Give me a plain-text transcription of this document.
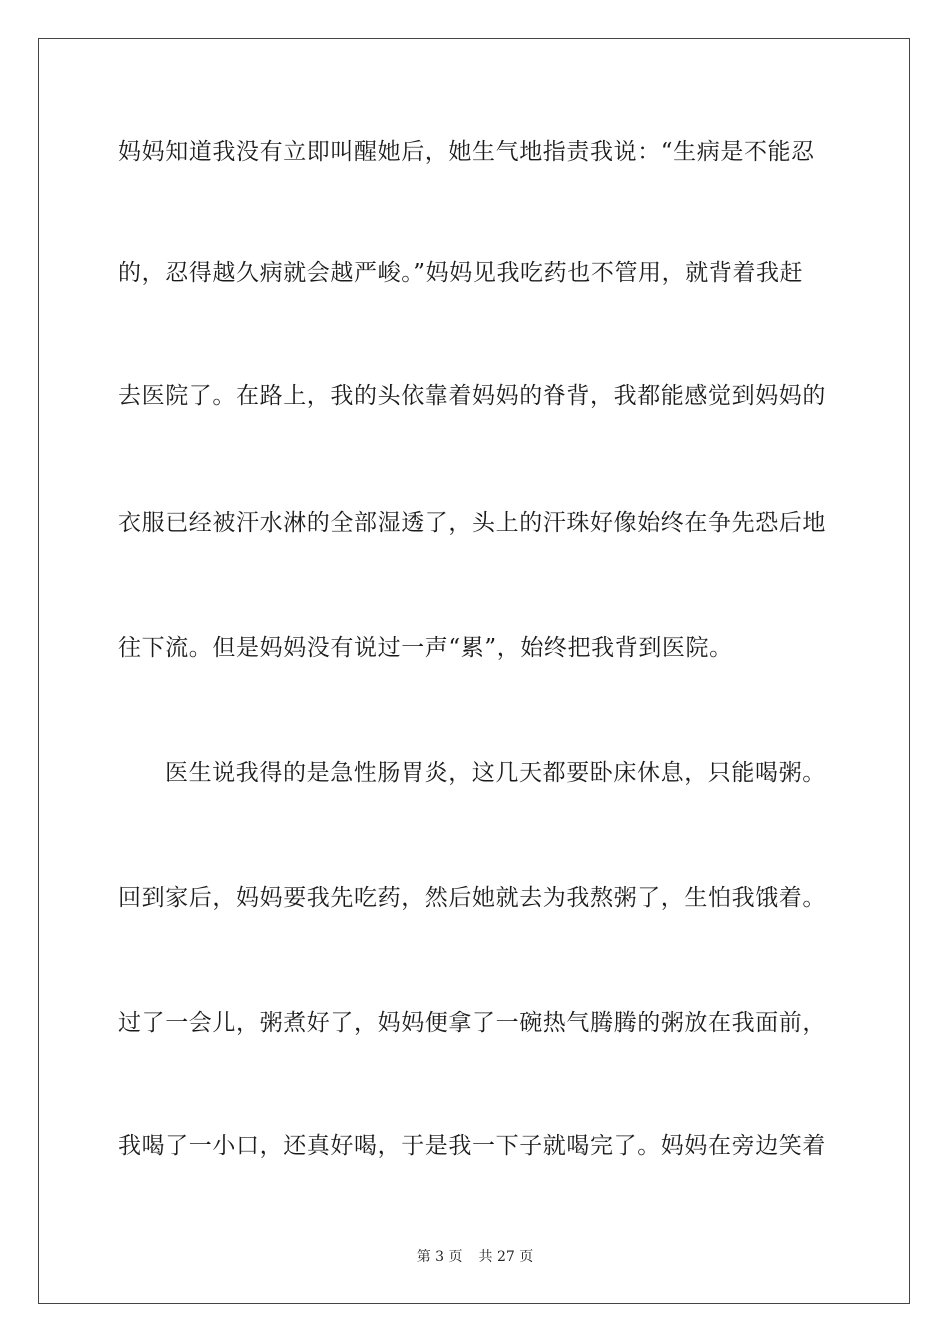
妈妈知道我没有立即叫醒她后，她生气地指责我说：“生病是不能忍
的，忍得越久病就会越严峻。”妈妈见我吃药也不管用，就背着我赶
去医院了。在路上，我的头依靠着妈妈的脊背，我都能感觉到妈妈的
衣服已经被汗水淋的全部湿透了，头上的汗珠好像始终在争先恐后地
往下流。但是妈妈没有说过一声“累”，始终把我背到医院。
医生说我得的是急性肠胃炎，这几天都要卧床休息，只能喝粥。
回到家后，妈妈要我先吃药，然后她就去为我熬粥了，生怕我饿着。
过了一会儿，粥煮好了，妈妈便拿了一碗热气腾腾的粥放在我面前，
我喝了一小口，还真好喝，于是我一下子就喝完了。妈妈在旁边笑着
第 3 页 共 27 页
